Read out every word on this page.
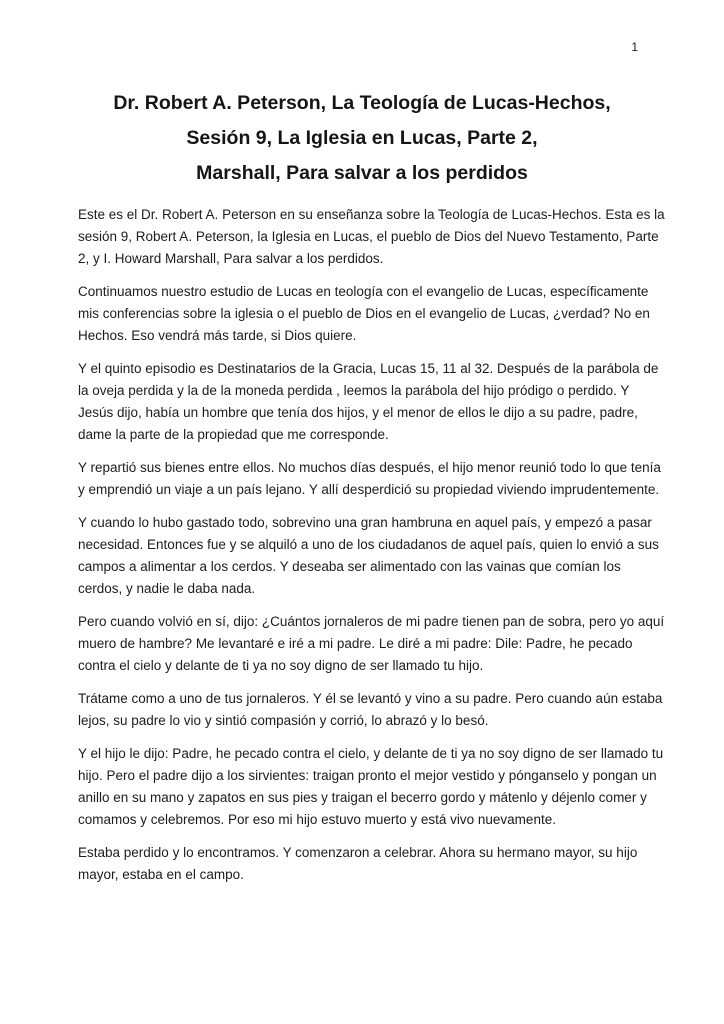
1
Dr. Robert A. Peterson, La Teología de Lucas-Hechos,
Sesión 9, La Iglesia en Lucas, Parte 2,
Marshall, Para salvar a los perdidos

Este es el Dr. Robert A. Peterson en su enseñanza sobre la Teología de Lucas-Hechos. Esta es la sesión 9, Robert A. Peterson, la Iglesia en Lucas, el pueblo de Dios del Nuevo Testamento, Parte 2, y I. Howard Marshall, Para salvar a los perdidos.

Continuamos nuestro estudio de Lucas en teología con el evangelio de Lucas, específicamente mis conferencias sobre la iglesia o el pueblo de Dios en el evangelio de Lucas, ¿verdad? No en Hechos. Eso vendrá más tarde, si Dios quiere.

Y el quinto episodio es Destinatarios de la Gracia, Lucas 15, 11 al 32. Después de la parábola de la oveja perdida y la de la moneda perdida , leemos la parábola del hijo pródigo o perdido. Y Jesús dijo, había un hombre que tenía dos hijos, y el menor de ellos le dijo a su padre, padre, dame la parte de la propiedad que me corresponde.

Y repartió sus bienes entre ellos. No muchos días después, el hijo menor reunió todo lo que tenía y emprendió un viaje a un país lejano. Y allí desperdició su propiedad viviendo imprudentemente.

Y cuando lo hubo gastado todo, sobrevino una gran hambruna en aquel país, y empezó a pasar necesidad. Entonces fue y se alquiló a uno de los ciudadanos de aquel país, quien lo envió a sus campos a alimentar a los cerdos. Y deseaba ser alimentado con las vainas que comían los cerdos, y nadie le daba nada.

Pero cuando volvió en sí, dijo: ¿Cuántos jornaleros de mi padre tienen pan de sobra, pero yo aquí muero de hambre? Me levantaré e iré a mi padre. Le diré a mi padre: Dile: Padre, he pecado contra el cielo y delante de ti ya no soy digno de ser llamado tu hijo.

Trátame como a uno de tus jornaleros. Y él se levantó y vino a su padre. Pero cuando aún estaba lejos, su padre lo vio y sintió compasión y corrió, lo abrazó y lo besó.

Y el hijo le dijo: Padre, he pecado contra el cielo, y delante de ti ya no soy digno de ser llamado tu hijo. Pero el padre dijo a los sirvientes: traigan pronto el mejor vestido y pónganselo y pongan un anillo en su mano y zapatos en sus pies y traigan el becerro gordo y mátenlo y déjenlo comer y comamos y celebremos. Por eso mi hijo estuvo muerto y está vivo nuevamente.

Estaba perdido y lo encontramos. Y comenzaron a celebrar. Ahora su hermano mayor, su hijo mayor, estaba en el campo.
